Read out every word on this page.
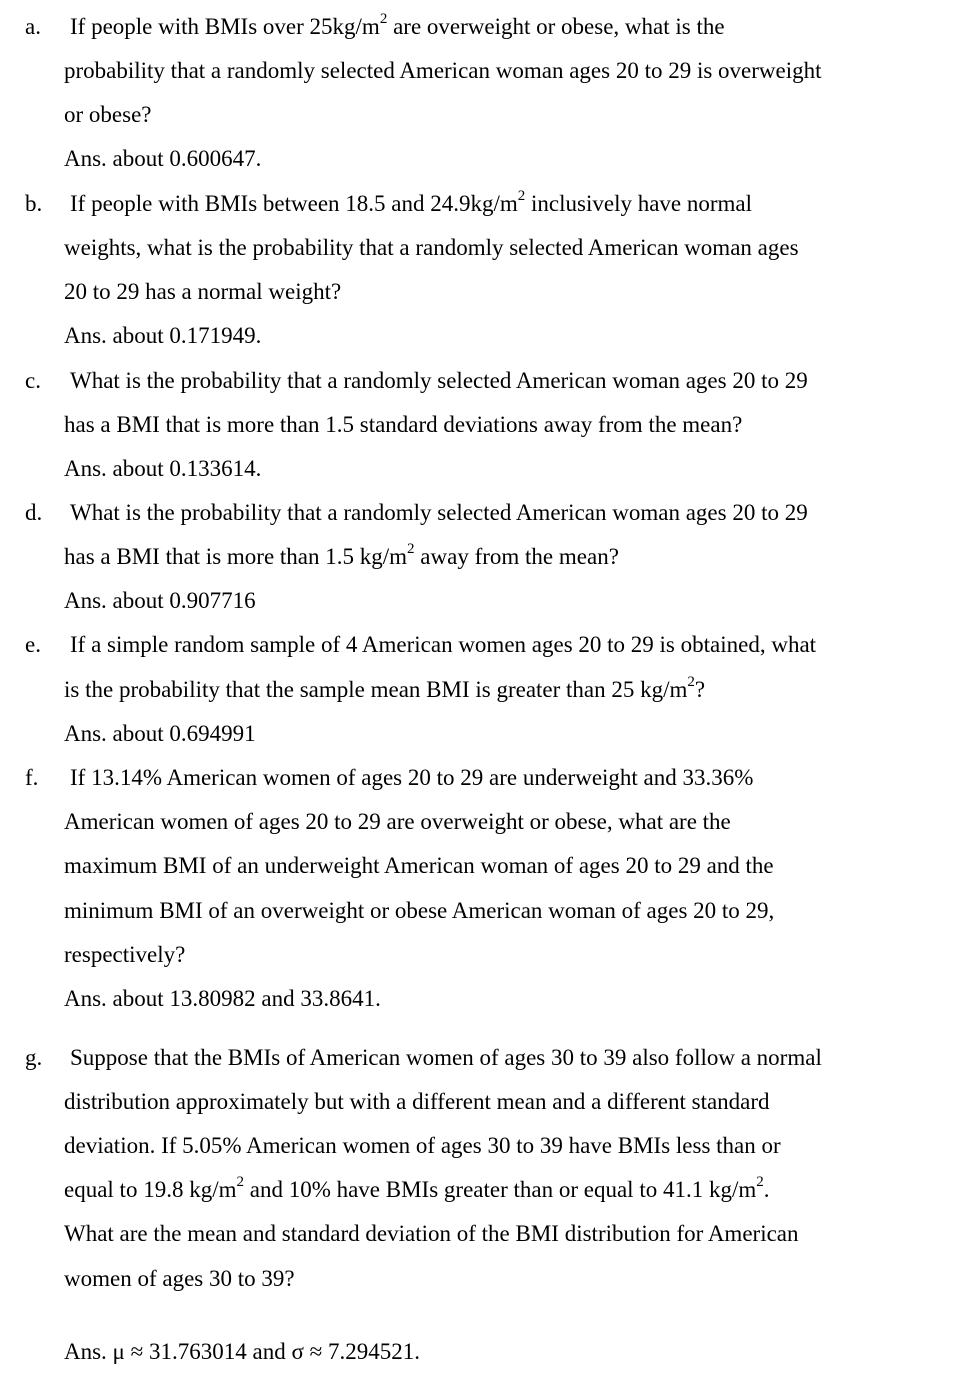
a. If people with BMIs over $25kg/m^2$ are overweight or obese, what is the
probability that a randomly selected American woman ages 20 to 29 is overweight
or obese?
Ans. about 0.600647.
b. If people with BMIs between 18.5 and $24.9kg/m^2$ inclusively have normal
weights, what is the probability that a randomly selected American woman ages
20 to 29 has a normal weight?
Ans. about 0.171949.
c. What is the probability that a randomly selected American woman ages 20 to 29
has a BMI that is more than 1.5 standard deviations away from the mean?
Ans. about 0.133614.
d. What is the probability that a randomly selected American woman ages 20 to 29
has a BMI that is more than 1.5 $kg/m^2$ away from the mean?
Ans. about 0.907716
e. If a simple random sample of 4 American women ages 20 to 29 is obtained, what
is the probability that the sample mean BMI is greater than 25 $kg/m^2$?
Ans. about 0.694991
f. If 13.14% American women of ages 20 to 29 are underweight and 33.36%
American women of ages 20 to 29 are overweight or obese, what are the
maximum BMI of an underweight American woman of ages 20 to 29 and the
minimum BMI of an overweight or obese American woman of ages 20 to 29,
respectively?
Ans. about 13.80982 and 33.8641.
g. Suppose that the BMIs of American women of ages 30 to 39 also follow a normal
distribution approximately but with a different mean and a different standard
deviation. If 5.05% American women of ages 30 to 39 have BMIs less than or
equal to 19.8 $kg/m^2$ and 10% have BMIs greater than or equal to 41.1 $kg/m^2$.
What are the mean and standard deviation of the BMI distribution for American
women of ages 30 to 39?
Ans. μ ≈ 31.763014 and σ ≈ 7.294521.
